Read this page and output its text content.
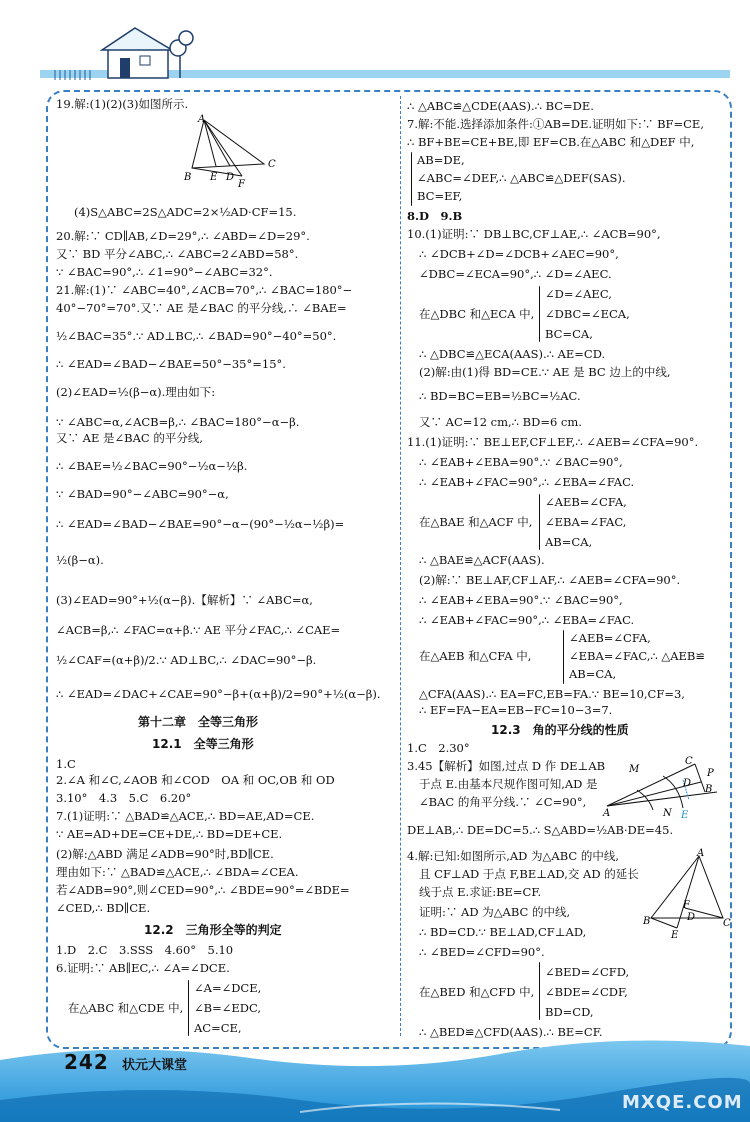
19.解:(1)(2)(3)如图所示.
A
B E D
C
F
(4)S△ABC=2S△ADC=2×½AD·CF=15.
20.解:∵ CD∥AB,∠D=29°,∴ ∠ABD=∠D=29°.
又∵ BD 平分∠ABC,∴ ∠ABC=2∠ABD=58°.
∵ ∠BAC=90°,∴ ∠1=90°−∠ABC=32°.
21.解:(1)∵ ∠ABC=40°,∠ACB=70°,∴ ∠BAC=180°−
40°−70°=70°.又∵ AE 是∠BAC 的平分线,∴ ∠BAE=
½∠BAC=35°.∵ AD⊥BC,∴ ∠BAD=90°−40°=50°.
∴ ∠EAD=∠BAD−∠BAE=50°−35°=15°.
(2)∠EAD=½(β−α).理由如下:
∵ ∠ABC=α,∠ACB=β,∴ ∠BAC=180°−α−β.
又∵ AE 是∠BAC 的平分线,
∴ ∠BAE=½∠BAC=90°−½α−½β.
∵ ∠BAD=90°−∠ABC=90°−α,
∴ ∠EAD=∠BAD−∠BAE=90°−α−(90°−½α−½β)=
½(β−α).
(3)∠EAD=90°+½(α−β).【解析】∵ ∠ABC=α,
∠ACB=β,∴ ∠FAC=α+β.∵ AE 平分∠FAC,∴ ∠CAE=
½∠CAF=(α+β)/2.∵ AD⊥BC,∴ ∠DAC=90°−β.
∴ ∠EAD=∠DAC+∠CAE=90°−β+(α+β)/2=90°+½(α−β).
第十二章　全等三角形
12.1　全等三角形
1.C
2.∠A 和∠C,∠AOB 和∠COD　OA 和 OC,OB 和 OD
3.10°　4.3　5.C　6.20°
7.(1)证明:∵ △BAD≌△ACE,∴ BD=AE,AD=CE.
∵ AE=AD+DE=CE+DE,∴ BD=DE+CE.
(2)解:△ABD 满足∠ADB=90°时,BD∥CE.
理由如下:∵ △BAD≌△ACE,∴ ∠BDA=∠CEA.
若∠ADB=90°,则∠CED=90°,∴ ∠BDE=90°=∠BDE=
∠CED,∴ BD∥CE.
12.2　三角形全等的判定
1.D　2.C　3.SSS　4.60°　5.10
6.证明:∵ AB∥EC,∴ ∠A=∠DCE.
在△ABC 和△CDE 中,
∠A=∠DCE,
∠B=∠EDC,
AC=CE,
∴ △ABC≌△CDE(AAS).∴ BC=DE.
7.解:不能.选择添加条件:①AB=DE.证明如下:∵ BF=CE,
∴ BF+BE=CE+BE,即 EF=CB.在△ABC 和△DEF 中,
AB=DE,
∠ABC=∠DEF,∴ △ABC≌△DEF(SAS).
BC=EF,
8.D　9.B
10.(1)证明:∵ DB⊥BC,CF⊥AE,∴ ∠ACB=90°,
∴ ∠DCB+∠D=∠DCB+∠AEC=90°,
∠DBC=∠ECA=90°,∴ ∠D=∠AEC.
∠D=∠AEC,
在△DBC 和△ECA 中, ∠DBC=∠ECA,
BC=CA,
∴ △DBC≌△ECA(AAS).∴ AE=CD.
(2)解:由(1)得 BD=CE.∵ AE 是 BC 边上的中线,
∴ BD=BC=EB=½BC=½AC.
又∵ AC=12 cm,∴ BD=6 cm.
11.(1)证明:∵ BE⊥EF,CF⊥EF,∴ ∠AEB=∠CFA=90°.
∴ ∠EAB+∠EBA=90°.∵ ∠BAC=90°,
∴ ∠EAB+∠FAC=90°,∴ ∠EBA=∠FAC.
∠AEB=∠CFA,
在△BAE 和△ACF 中, ∠EBA=∠FAC,
AB=CA,
∴ △BAE≌△ACF(AAS).
(2)解:∵ BE⊥AF,CF⊥AF,∴ ∠AEB=∠CFA=90°.
∴ ∠EAB+∠EBA=90°.∵ ∠BAC=90°,
∴ ∠EAB+∠FAC=90°,∴ ∠EBA=∠FAC.
∠AEB=∠CFA,
在△AEB 和△CFA 中,	∠EBA=∠FAC,∴ △AEB≌
AB=CA,
△CFA(AAS).∴ EA=FC,EB=FA.∵ BE=10,CF=3,
∴ EF=FA−EA=EB−FC=10−3=7.
12.3　角的平分线的性质
1.C　2.30°
3.45【解析】如图,过点 D 作 DE⊥AB
于点 E.由基本尺规作图可知,AD 是
∠BAC 的角平分线.∵ ∠C=90°,
M
C
P
D
A
B
N E
DE⊥AB,∴ DE=DC=5.∴ S△ABD=½AB·DE=45.
4.解:已知:如图所示,AD 为△ABC 的中线,
且 CF⊥AD 于点 F,BE⊥AD,交 AD 的延长
线于点 E.求证:BE=CF.
证明:∵ AD 为△ABC 的中线,
∴ BD=CD.∵ BE⊥AD,CF⊥AD,
∴ ∠BED=∠CFD=90°.
A
B	C
D
E
F
∠BED=∠CFD,
在△BED 和△CFD 中, ∠BDE=∠CDF,
BD=CD,
∴ △BED≌△CFD(AAS).∴ BE=CF.
242 状元大课堂
MXQE.COM
